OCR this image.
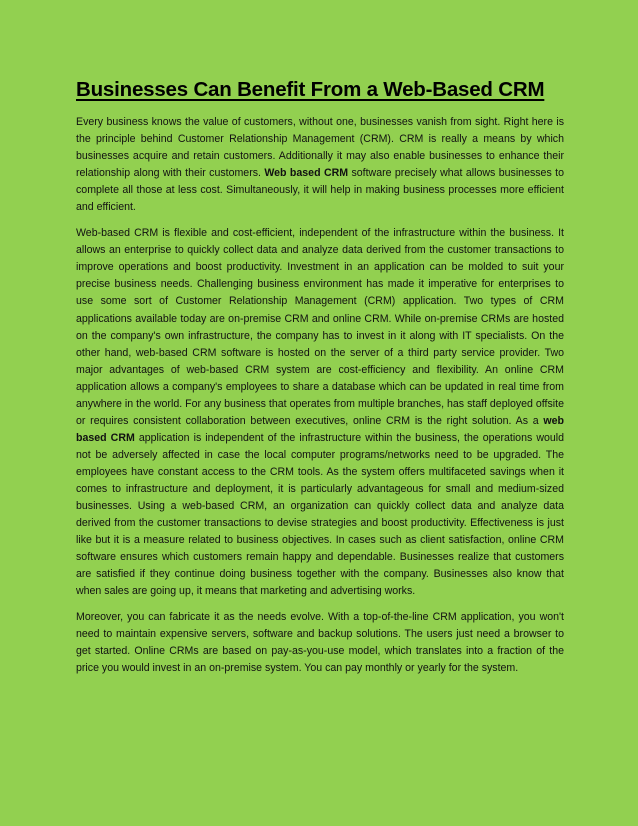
Businesses Can Benefit From a Web-Based CRM

Every business knows the value of customers, without one, businesses vanish from sight. Right here is the principle behind Customer Relationship Management (CRM). CRM is really a means by which businesses acquire and retain customers. Additionally it may also enable businesses to enhance their relationship along with their customers. Web based CRM software precisely what allows businesses to complete all those at less cost. Simultaneously, it will help in making business processes more efficient and efficient.

Web-based CRM is flexible and cost-efficient, independent of the infrastructure within the business. It allows an enterprise to quickly collect data and analyze data derived from the customer transactions to improve operations and boost productivity. Investment in an application can be molded to suit your precise business needs. Challenging business environment has made it imperative for enterprises to use some sort of Customer Relationship Management (CRM) application. Two types of CRM applications available today are on-premise CRM and online CRM. While on-premise CRMs are hosted on the company's own infrastructure, the company has to invest in it along with IT specialists. On the other hand, web-based CRM software is hosted on the server of a third party service provider. Two major advantages of web-based CRM system are cost-efficiency and flexibility. An online CRM application allows a company's employees to share a database which can be updated in real time from anywhere in the world. For any business that operates from multiple branches, has staff deployed offsite or requires consistent collaboration between executives, online CRM is the right solution. As a web based CRM application is independent of the infrastructure within the business, the operations would not be adversely affected in case the local computer programs/networks need to be upgraded. The employees have constant access to the CRM tools. As the system offers multifaceted savings when it comes to infrastructure and deployment, it is particularly advantageous for small and medium-sized businesses. Using a web-based CRM, an organization can quickly collect data and analyze data derived from the customer transactions to devise strategies and boost productivity. Effectiveness is just like but it is a measure related to business objectives. In cases such as client satisfaction, online CRM software ensures which customers remain happy and dependable. Businesses realize that customers are satisfied if they continue doing business together with the company. Businesses also know that when sales are going up, it means that marketing and advertising works.

Moreover, you can fabricate it as the needs evolve. With a top-of-the-line CRM application, you won't need to maintain expensive servers, software and backup solutions. The users just need a browser to get started. Online CRMs are based on pay-as-you-use model, which translates into a fraction of the price you would invest in an on-premise system. You can pay monthly or yearly for the system.
